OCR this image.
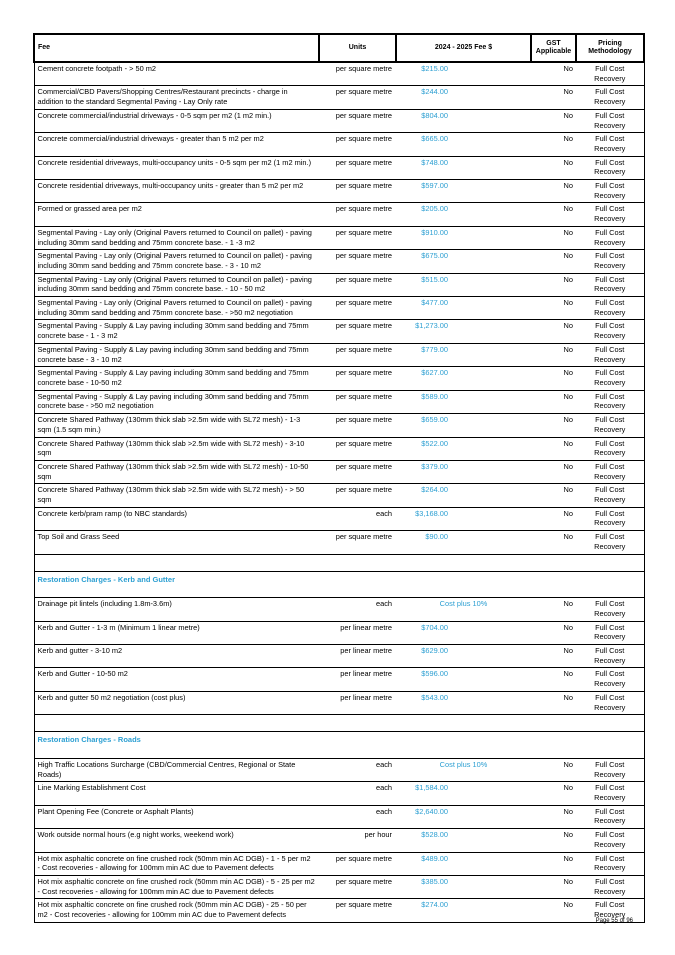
Fee	Units	2024 - 2025 Fee $	GST Applicable	Pricing Methodology
Cement concrete footpath - > 50 m2	per square metre	$215.00	No	Full Cost Recovery
Commercial/CBD Pavers/Shopping Centres/Restaurant precincts - charge in addition to the standard Segmental Paving - Lay Only rate	per square metre	$244.00	No	Full Cost Recovery
Concrete commercial/industrial driveways - 0-5 sqm per m2 (1 m2 min.)	per square metre	$804.00	No	Full Cost Recovery
Concrete commercial/industrial driveways - greater than 5 m2 per m2	per square metre	$665.00	No	Full Cost Recovery
Concrete residential driveways, multi-occupancy units - 0-5 sqm per m2 (1 m2 min.)	per square metre	$748.00	No	Full Cost Recovery
Concrete residential driveways, multi-occupancy units - greater than 5 m2 per m2	per square metre	$597.00	No	Full Cost Recovery
Formed or grassed area per m2	per square metre	$205.00	No	Full Cost Recovery
Segmental Paving - Lay only (Original Pavers returned to Council on pallet) - paving including 30mm sand bedding and 75mm concrete base. - 1 -3 m2	per square metre	$910.00	No	Full Cost Recovery
Segmental Paving - Lay only (Original Pavers returned to Council on pallet) - paving including 30mm sand bedding and 75mm concrete base. - 3 - 10 m2	per square metre	$675.00	No	Full Cost Recovery
Segmental Paving - Lay only (Original Pavers returned to Council on pallet) - paving including 30mm sand bedding and 75mm concrete base. - 10 - 50 m2	per square metre	$515.00	No	Full Cost Recovery
Segmental Paving - Lay only (Original Pavers returned to Council on pallet) - paving including 30mm sand bedding and 75mm concrete base. - >50 m2 negotiation	per square metre	$477.00	No	Full Cost Recovery
Segmental Paving - Supply & Lay paving including 30mm sand bedding and 75mm concrete base - 1 - 3 m2	per square metre	$1,273.00	No	Full Cost Recovery
Segmental Paving - Supply & Lay paving including 30mm sand bedding and 75mm concrete base - 3 - 10 m2	per square metre	$779.00	No	Full Cost Recovery
Segmental Paving - Supply & Lay paving including 30mm sand bedding and 75mm concrete base - 10-50 m2	per square metre	$627.00	No	Full Cost Recovery
Segmental Paving - Supply & Lay paving including 30mm sand bedding and 75mm concrete base - >50 m2 negotiation	per square metre	$589.00	No	Full Cost Recovery
Concrete Shared Pathway (130mm thick slab >2.5m wide with SL72 mesh) - 1-3 sqm (1.5 sqm min.)	per square metre	$659.00	No	Full Cost Recovery
Concrete Shared Pathway (130mm thick slab >2.5m wide with SL72 mesh) - 3-10 sqm	per square metre	$522.00	No	Full Cost Recovery
Concrete Shared Pathway (130mm thick slab >2.5m wide with SL72 mesh) - 10-50 sqm	per square metre	$379.00	No	Full Cost Recovery
Concrete Shared Pathway (130mm thick slab >2.5m wide with SL72 mesh) - > 50 sqm	per square metre	$264.00	No	Full Cost Recovery
Concrete kerb/pram ramp (to NBC standards)	each	$3,168.00	No	Full Cost Recovery
Top Soil and Grass Seed	per square metre	$90.00	No	Full Cost Recovery

Restoration Charges - Kerb and Gutter				
Drainage pit lintels (including 1.8m-3.6m)	each	Cost plus 10%	No	Full Cost Recovery
Kerb and Gutter - 1-3 m (Minimum 1 linear metre)	per linear metre	$704.00	No	Full Cost Recovery
Kerb and gutter - 3-10 m2	per linear metre	$629.00	No	Full Cost Recovery
Kerb and Gutter - 10-50 m2	per linear metre	$596.00	No	Full Cost Recovery
Kerb and gutter 50 m2 negotiation (cost plus)	per linear metre	$543.00	No	Full Cost Recovery

Restoration Charges - Roads				
High Traffic Locations Surcharge (CBD/Commercial Centres, Regional or State Roads)	each	Cost plus 10%	No	Full Cost Recovery
Line Marking Establishment Cost	each	$1,584.00	No	Full Cost Recovery
Plant Opening Fee (Concrete or Asphalt Plants)	each	$2,640.00	No	Full Cost Recovery
Work outside normal hours (e.g night works, weekend work)	per hour	$528.00	No	Full Cost Recovery
Hot mix asphaltic concrete on fine crushed rock (50mm min AC DGB) - 1 - 5 per m2 - Cost recoveries - allowing for 100mm min AC due to Pavement defects	per square metre	$489.00	No	Full Cost Recovery
Hot mix asphaltic concrete on fine crushed rock (50mm min AC DGB) - 5 - 25 per m2 - Cost recoveries - allowing for 100mm min AC due to Pavement defects	per square metre	$385.00	No	Full Cost Recovery
Hot mix asphaltic concrete on fine crushed rock (50mm min AC DGB) - 25 - 50 per m2 - Cost recoveries - allowing for 100mm min AC due to Pavement defects	per square metre	$274.00	No	Full Cost Recovery
Page 55 of 96
